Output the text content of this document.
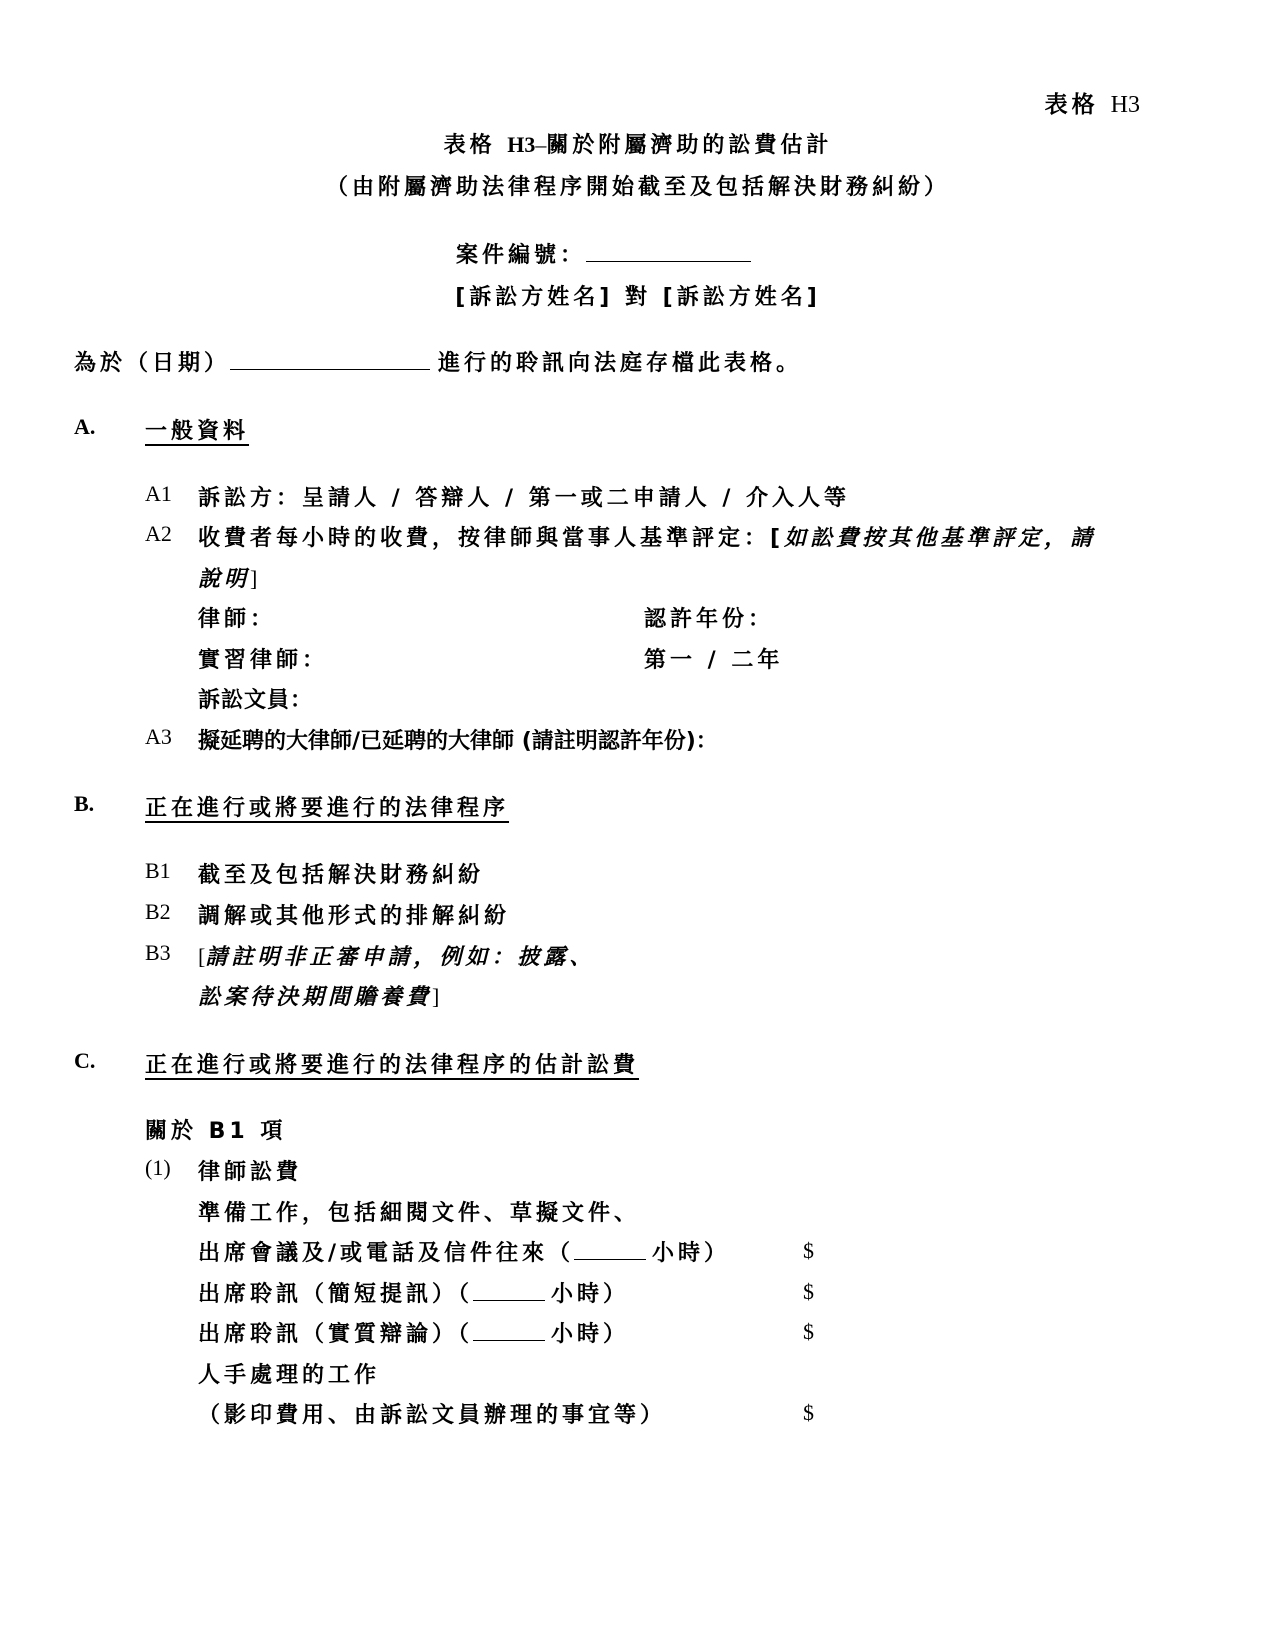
表格 H3
表格 H3–關於附屬濟助的訟費估計
（由附屬濟助法律程序開始截至及包括解決財務糾紛）
案件編號：
[訴訟方姓名] 對 [訴訟方姓名]
為於（日期）	進行的聆訊向法庭存檔此表格。
A. 一般資料
A1 訴訟方：呈請人 / 答辯人 / 第一或二申請人 / 介入人等
A2 收費者每小時的收費，按律師與當事人基準評定：[如訟費按其他基準評定，請
說明]
律師：	認許年份：
實習律師：	第一 / 二年
訴訟文員：
A3 擬延聘的大律師/已延聘的大律師 (請註明認許年份)：
B. 正在進行或將要進行的法律程序
B1 截至及包括解決財務糾紛
B2 調解或其他形式的排解糾紛
B3 [請註明非正審申請，例如：披露、
訟案待決期間贍養費]
C. 正在進行或將要進行的法律程序的估計訟費
關於 B1 項
(1) 律師訟費
準備工作，包括細閱文件、草擬文件、
出席會議及/或電話及信件往來（	小時）	$
出席聆訊（簡短提訊）（	小時）	$
出席聆訊（實質辯論）（	小時）	$
人手處理的工作
（影印費用、由訴訟文員辦理的事宜等）	$
